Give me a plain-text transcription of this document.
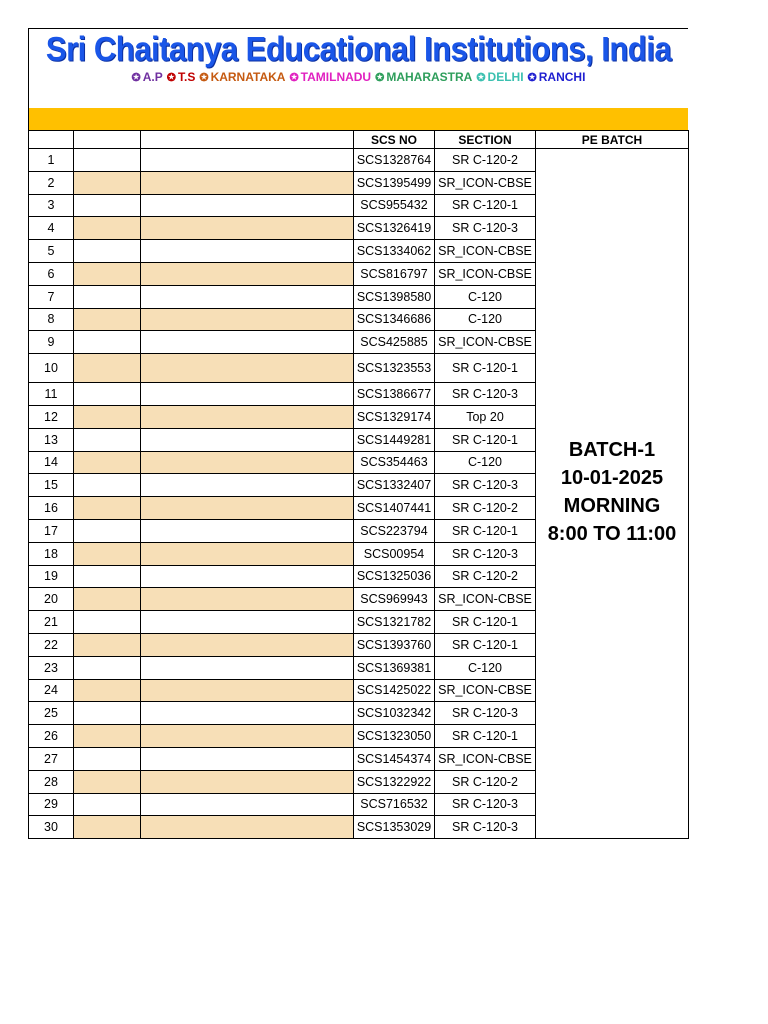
Sri Chaitanya Educational Institutions, India
✪ A.P ✪ T.S ✪ KARNATAKA ✪ TAMILNADU ✪ MAHARASTRA ✪ DELHI ✪ RANCHI
			SCS NO	SECTION	PE BATCH
1			SCS1328764	SR C-120-2	BATCH-1
10-01-2025
MORNING
8:00 TO 11:00

2			SCS1395499	SR_ICON-CBSE	
3			SCS955432	SR C-120-1	
4			SCS1326419	SR C-120-3	
5			SCS1334062	SR_ICON-CBSE	
6			SCS816797	SR_ICON-CBSE	
7			SCS1398580	C-120	
8			SCS1346686	C-120	
9			SCS425885	SR_ICON-CBSE	
10			SCS1323553	SR C-120-1	
11			SCS1386677	SR C-120-3	
12			SCS1329174	Top 20	
13			SCS1449281	SR C-120-1	
14			SCS354463	C-120	
15			SCS1332407	SR C-120-3	
16			SCS1407441	SR C-120-2	
17			SCS223794	SR C-120-1	
18			SCS00954	SR C-120-3	
19			SCS1325036	SR C-120-2	
20			SCS969943	SR_ICON-CBSE	
21			SCS1321782	SR C-120-1	
22			SCS1393760	SR C-120-1	
23			SCS1369381	C-120	
24			SCS1425022	SR_ICON-CBSE	
25			SCS1032342	SR C-120-3	
26			SCS1323050	SR C-120-1	
27			SCS1454374	SR_ICON-CBSE	
28			SCS1322922	SR C-120-2	
29			SCS716532	SR C-120-3	
30			SCS1353029	SR C-120-3	
